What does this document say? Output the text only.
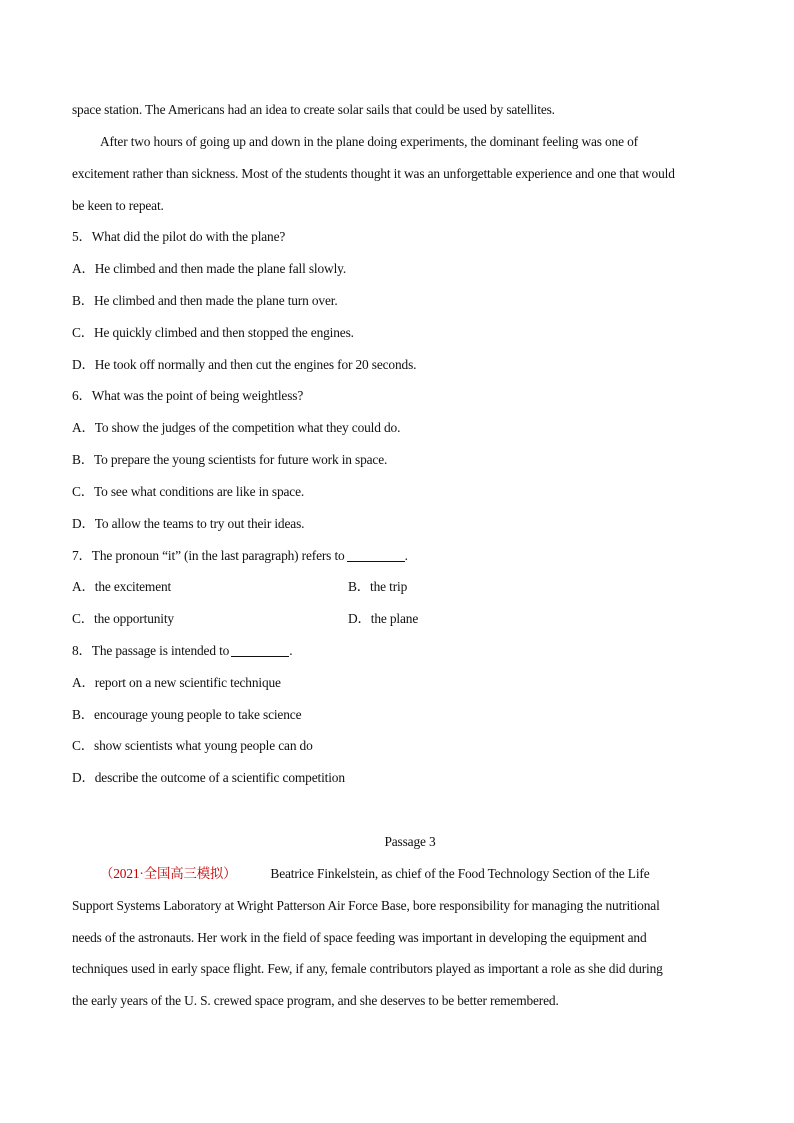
space station. The Americans had an idea to create solar sails that could be used by satellites.
After two hours of going up and down in the plane doing experiments, the dominant feeling was one of
excitement rather than sickness. Most of the students thought it was an unforgettable experience and one that would
be keen to repeat.
5．What did the pilot do with the plane?
A．He climbed and then made the plane fall slowly.
B．He climbed and then made the plane turn over.
C．He quickly climbed and then stopped the engines.
D．He took off normally and then cut the engines for 20 seconds.
6．What was the point of being weightless?
A．To show the judges of the competition what they could do.
B．To prepare the young scientists for future work in space.
C．To see what conditions are like in space.
D．To allow the teams to try out their ideas.
7．The pronoun “it” (in the last paragraph) refers to	.
A．the excitement	B．the trip
C．the opportunity	D．the plane
8．The passage is intended to	.
A．report on a new scientific technique
B．encourage young people to take science
C．show scientists what young people can do
D．describe the outcome of a scientific competition
Passage 3
（2021·全国高三模拟）	Beatrice Finkelstein, as chief of the Food Technology Section of the Life
Support Systems Laboratory at Wright Patterson Air Force Base, bore responsibility for managing the nutritional
needs of the astronauts. Her work in the field of space feeding was important in developing the equipment and
techniques used in early space flight. Few, if any, female contributors played as important a role as she did during
the early years of the U. S. crewed space program, and she deserves to be better remembered.
